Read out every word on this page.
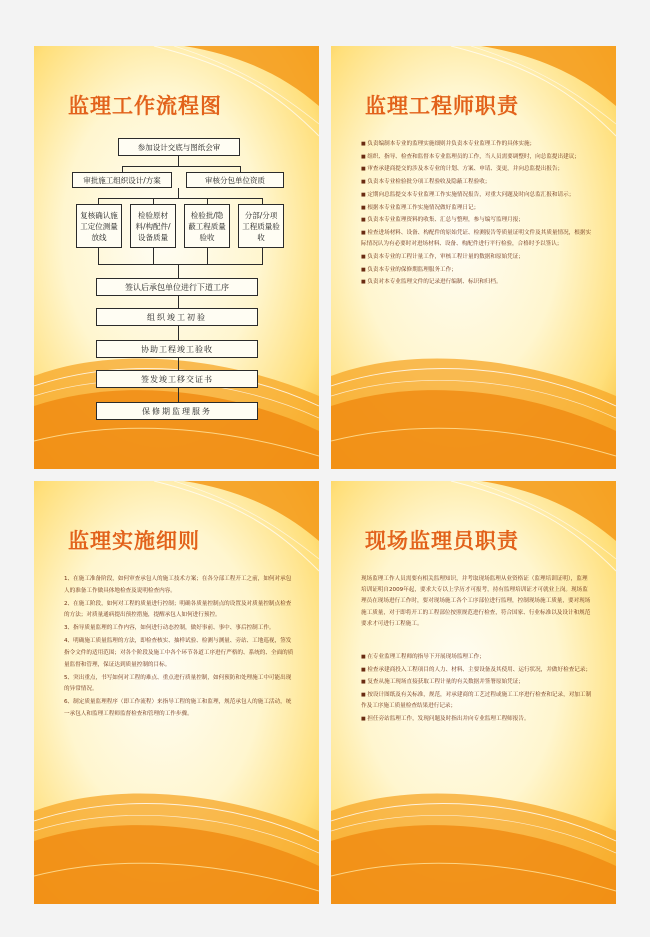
监理工作流程图
参加设计交底与图纸会审
审批施工组织设计/方案	审核分包单位资质
复核确认施工定位测量放线
检验原材料/构配件/设备质量
检验批/隐蔽工程质量验收
分部/分项工程质量验收
签认后承包单位进行下道工序
组织竣工初验
协助工程竣工验收
签发竣工移交证书
保修期监理服务
监理工程师职责

■ 负责编制本专业的监理实施细则并负责本专业监理工作的具体实施；

■ 组织、指导、检查和监督本专业监理员的工作，当人员需要调整时，向总监提出建议；

■ 审查承建商提交的涉及本专业的计划、方案、申请、变更，并向总监提出报告；

■ 负责本专业检验批分项工程验收及隐蔽工程验收；

■ 定期向总监提交本专业监理工作实施情况报告，对重大问题及时向总监汇报和请示；

■ 根据本专业监理工作实施情况做好监理日记；

■ 负责本专业监理资料的收集、汇总与整理，参与编写监理月报；

■ 检查进场材料、设备、构配件的原始凭证、检测报告等质量证明文件及其质量情况，根据实际情况认为有必要时对进场材料、设备、构配件进行平行检验，合格时予以签认；

■ 负责本专业的工程计量工作，审核工程计量的数据和原始凭证；

■ 负责本专业的保修期监理服务工作；

■ 负责对本专业监理文件的记录进行编制、标识和归档。

监理实施细则

1、在施工准备阶段，如何审查承包人的施工技术方案；在各分部工程开工之前，如何对承包人的准备工作做具体地检查及说明检查内容。

2、在施工阶段，如何对工程的质量进行控制；明确各质量控制点的设置及对质量控制点检查的方法；对质量通病提出预控措施，提醒承包人如何进行预控。

3、指导质量监理的工作内容，如何进行动态控制，做好事前、事中、事后控制工作。

4、明确施工质量监理的方法，即检查核实、抽样试验、检测与测量、旁站、工地巡视，签发指令文件的适用范围；对各个阶段及施工中各个环节各道工序进行严格的、系统的、全面的质量监督和管理，保证达到质量控制的目标。

5、突出重点，书写如何对工程的难点、重点进行质量控制，如何预防和处理施工中可能出现的异常情况。

6、制定质量监理程序（即工作流程）来指导工程的施工和监理，规范承包人的施工活动，统一承包人和监理工程师监督检查和管理的工作步骤。

现场监理员职责

现场监理工作人员需要有相关监理知识，并考取现场监理从业资格证（监理培训证明），监理培训证明自2009年起，要求大专以上学历才可报考，持有监理培训证才可就业上岗。现场监理员在现场进行工作时，要对现场施工各个工序部位进行监理，控制现场施工质量，要对现场施工质量，对于即将开工的工程部位按照规范进行检查，符合国家、行业标准以及设计和规范要求才可进行工程施工。

■ 在专业监理工程师的指导下开展现场监理工作；

■ 检查承建商投入工程项目的人力、材料、主要设备及其使用、运行状况，并做好检查记录；

■ 复查从施工现场直接获取工程计量的有关数据并签署原始凭证；

■ 按设计图纸及有关标准，规范，对承建商的工艺过程或施工工序进行检查和记录，对加工制作及工序施工质量检查结果进行记录；

■ 担任旁站监理工作，发现问题及时指出并向专业监理工程师报告。
